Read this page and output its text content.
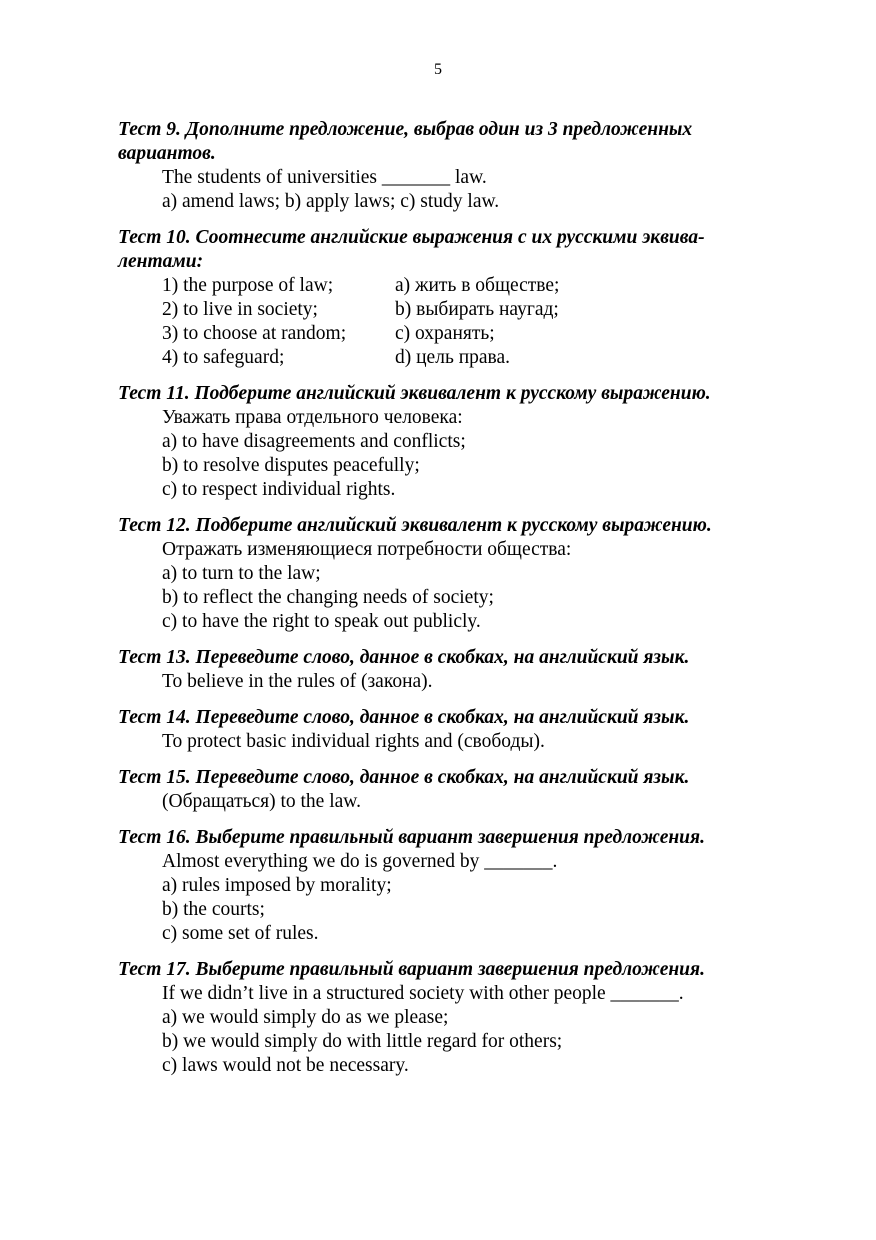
5
Тест 9. Дополните предложение, выбрав один из 3 предложенных
вариантов.
The students of universities _______ law.
a) amend laws; b) apply laws; c) study law.
Тест 10. Соотнесите английские выражения с их русскими эквива-
лентами:
1) the purpose of law;	a) жить в обществе;
2) to live in society;	b) выбирать наугад;
3) to choose at random;	c) охранять;
4) to safeguard;	d) цель права.
Тест 11. Подберите английский эквивалент к русскому выражению.
Уважать права отдельного человека:
a) to have disagreements and conflicts;
b) to resolve disputes peacefully;
c) to respect individual rights.
Тест 12. Подберите английский эквивалент к русскому выражению.
Отражать изменяющиеся потребности общества:
a) to turn to the law;
b) to reflect the changing needs of society;
c) to have the right to speak out publicly.
Тест 13. Переведите слово, данное в скобках, на английский язык.
To believe in the rules of (закона).
Тест 14. Переведите слово, данное в скобках, на английский язык.
To protect basic individual rights and (свободы).
Тест 15. Переведите слово, данное в скобках, на английский язык.
(Обращаться) to the law.
Тест 16. Выберите правильный вариант завершения предложения.
Almost everything we do is governed by _______.
a) rules imposed by morality;
b) the courts;
c) some set of rules.
Тест 17. Выберите правильный вариант завершения предложения.
If we didn’t live in a structured society with other people _______.
a) we would simply do as we please;
b) we would simply do with little regard for others;
c) laws would not be necessary.
